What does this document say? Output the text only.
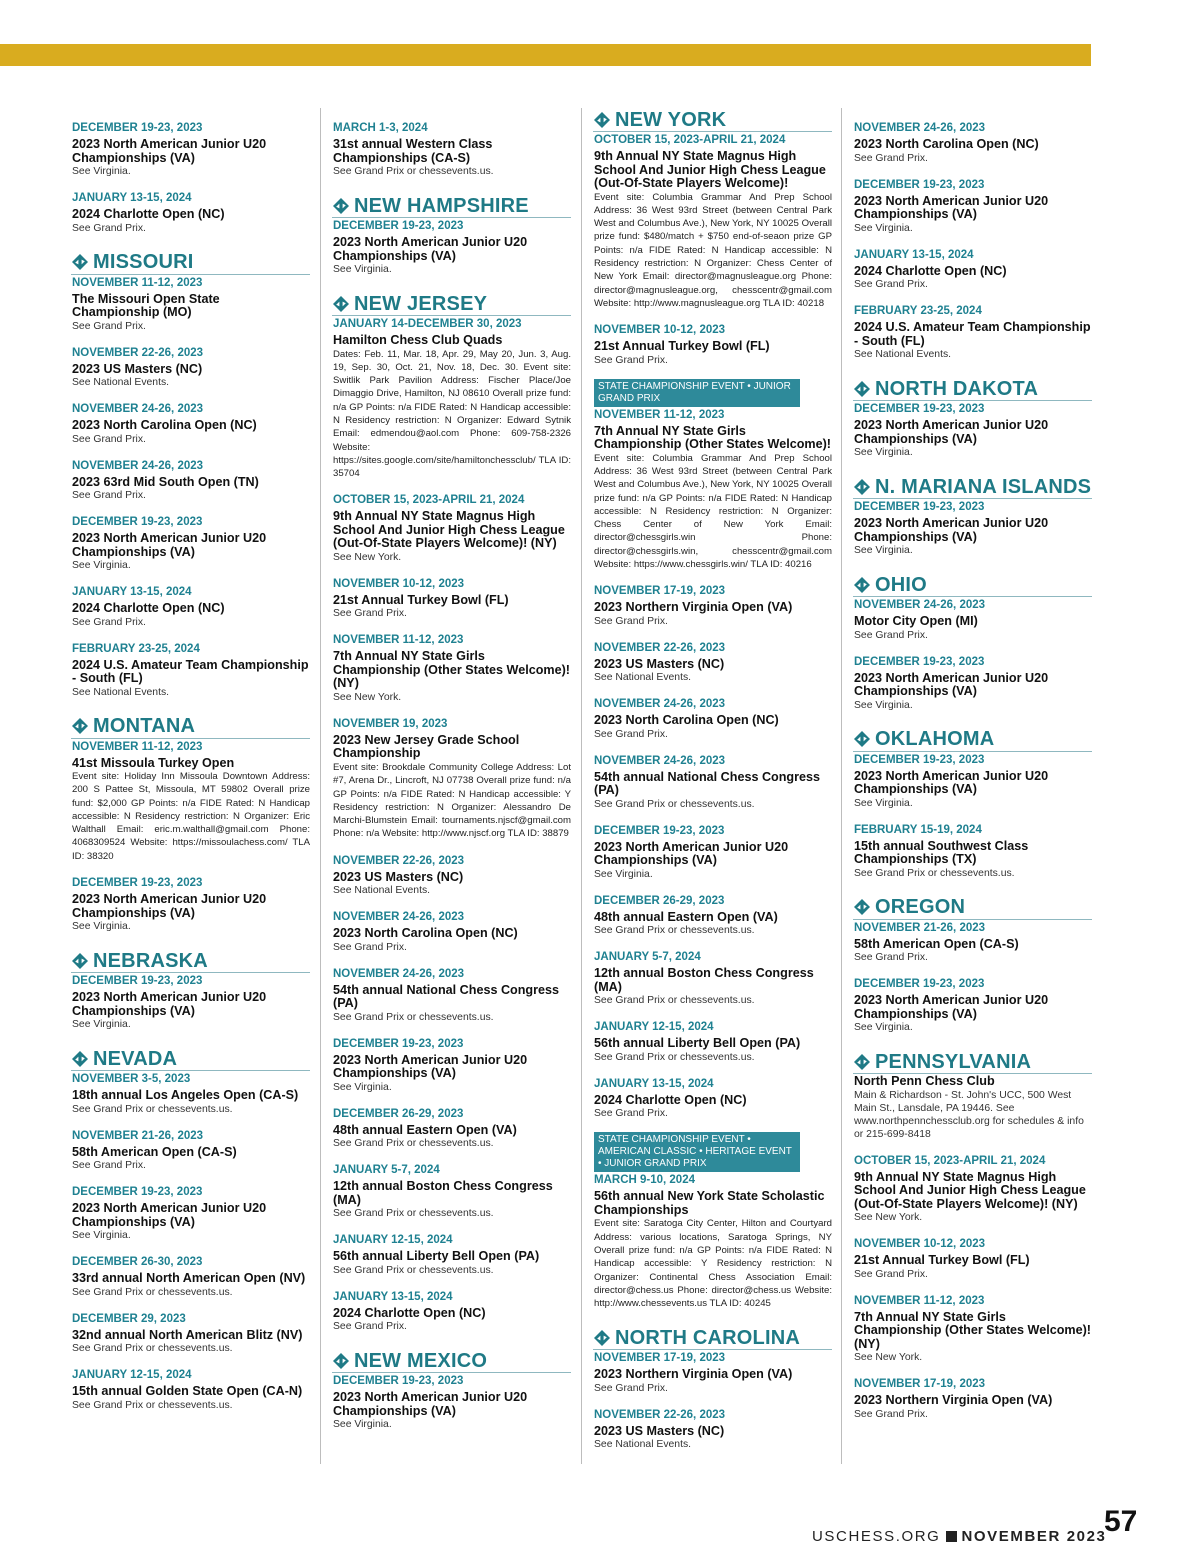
DECEMBER 19-23, 2023
2023 North American Junior U20 Championships (VA)
See Virginia.
JANUARY 13-15, 2024
2024 Charlotte Open (NC)
See Grand Prix.
MISSOURI
NOVEMBER 11-12, 2023
The Missouri Open State Championship (MO)
See Grand Prix.
NOVEMBER 22-26, 2023
2023 US Masters (NC)
See National Events.
NOVEMBER 24-26, 2023
2023 North Carolina Open (NC)
See Grand Prix.
NOVEMBER 24-26, 2023
2023 63rd Mid South Open (TN)
See Grand Prix.
DECEMBER 19-23, 2023
2023 North American Junior U20 Championships (VA)
See Virginia.
JANUARY 13-15, 2024
2024 Charlotte Open (NC)
See Grand Prix.
FEBRUARY 23-25, 2024
2024 U.S. Amateur Team Championship - South (FL)
See National Events.
MONTANA
NOVEMBER 11-12, 2023
41st Missoula Turkey Open
Event site: Holiday Inn Missoula Downtown Address: 200 S Pattee St, Missoula, MT 59802 Overall prize fund: $2,000 GP Points: n/a FIDE Rated: N Handicap accessible: N Residency restriction: N Organizer: Eric Walthall Email: eric.m.walthall@gmail.com Phone: 4068309524 Website: https://missoulachess.com/ TLA ID: 38320
DECEMBER 19-23, 2023
2023 North American Junior U20 Championships (VA)
See Virginia.
NEBRASKA
DECEMBER 19-23, 2023
2023 North American Junior U20 Championships (VA)
See Virginia.
NEVADA
NOVEMBER 3-5, 2023
18th annual Los Angeles Open (CA-S)
See Grand Prix or chessevents.us.
NOVEMBER 21-26, 2023
58th American Open (CA-S)
See Grand Prix.
DECEMBER 19-23, 2023
2023 North American Junior U20 Championships (VA)
See Virginia.
DECEMBER 26-30, 2023
33rd annual North American Open (NV)
See Grand Prix or chessevents.us.
DECEMBER 29, 2023
32nd annual North American Blitz (NV)
See Grand Prix or chessevents.us.
JANUARY 12-15, 2024
15th annual Golden State Open (CA-N)
See Grand Prix or chessevents.us.
MARCH 1-3, 2024
31st annual Western Class Championships (CA-S)
See Grand Prix or chessevents.us.
NEW HAMPSHIRE
DECEMBER 19-23, 2023
2023 North American Junior U20 Championships (VA)
See Virginia.
NEW JERSEY
JANUARY 14-DECEMBER 30, 2023
Hamilton Chess Club Quads
Dates: Feb. 11, Mar. 18, Apr. 29, May 20, Jun. 3, Aug. 19, Sep. 30, Oct. 21, Nov. 18, Dec. 30. Event site: Switlik Park Pavilion Address: Fischer Place/Joe Dimaggio Drive, Hamilton, NJ 08610 Overall prize fund: n/a GP Points: n/a FIDE Rated: N Handicap accessible: N Residency restriction: N Organizer: Edward Sytnik Email: edmendou@aol.com Phone: 609-758-2326 Website: https://sites.google.com/site/hamiltonchessclub/ TLA ID: 35704
OCTOBER 15, 2023-APRIL 21, 2024
9th Annual NY State Magnus High School And Junior High Chess League (Out-Of-State Players Welcome)! (NY)
See New York.
NOVEMBER 10-12, 2023
21st Annual Turkey Bowl (FL)
See Grand Prix.
NOVEMBER 11-12, 2023
7th Annual NY State Girls Championship (Other States Welcome)! (NY)
See New York.
NOVEMBER 19, 2023
2023 New Jersey Grade School Championship
Event site: Brookdale Community College Address: Lot #7, Arena Dr., Lincroft, NJ 07738 Overall prize fund: n/a GP Points: n/a FIDE Rated: N Handicap accessible: Y Residency restriction: N Organizer: Alessandro De Marchi-Blumstein Email: tournaments.njscf@gmail.com Phone: n/a Website: http://www.njscf.org TLA ID: 38879
NOVEMBER 22-26, 2023
2023 US Masters (NC)
See National Events.
NOVEMBER 24-26, 2023
2023 North Carolina Open (NC)
See Grand Prix.
NOVEMBER 24-26, 2023
54th annual National Chess Congress (PA)
See Grand Prix or chessevents.us.
DECEMBER 19-23, 2023
2023 North American Junior U20 Championships (VA)
See Virginia.
DECEMBER 26-29, 2023
48th annual Eastern Open (VA)
See Grand Prix or chessevents.us.
JANUARY 5-7, 2024
12th annual Boston Chess Congress (MA)
See Grand Prix or chessevents.us.
JANUARY 12-15, 2024
56th annual Liberty Bell Open (PA)
See Grand Prix or chessevents.us.
JANUARY 13-15, 2024
2024 Charlotte Open (NC)
See Grand Prix.
NEW MEXICO
DECEMBER 19-23, 2023
2023 North American Junior U20 Championships (VA)
See Virginia.
NEW YORK
OCTOBER 15, 2023-APRIL 21, 2024
9th Annual NY State Magnus High School And Junior High Chess League (Out-Of-State Players Welcome)!
Event site: Columbia Grammar And Prep School Address: 36 West 93rd Street (between Central Park West and Columbus Ave.), New York, NY 10025 Overall prize fund: $480/match + $750 end-of-seaon prize GP Points: n/a FIDE Rated: N Handicap accessible: N Residency restriction: N Organizer: Chess Center of New York Email: director@magnusleague.org Phone: director@magnusleague.org, chesscentr@gmail.com Website: http://www.magnusleague.org TLA ID: 40218
NOVEMBER 10-12, 2023
21st Annual Turkey Bowl (FL)
See Grand Prix.
STATE CHAMPIONSHIP EVENT • JUNIOR GRAND PRIX
NOVEMBER 11-12, 2023
7th Annual NY State Girls Championship (Other States Welcome)!
Event site: Columbia Grammar And Prep School Address: 36 West 93rd Street (between Central Park West and Columbus Ave.), New York, NY 10025 Overall prize fund: n/a GP Points: n/a FIDE Rated: N Handicap accessible: N Residency restriction: N Organizer: Chess Center of New York Email: director@chessgirls.win Phone: director@chessgirls.win, chesscentr@gmail.com Website: https://www.chessgirls.win/ TLA ID: 40216
NOVEMBER 17-19, 2023
2023 Northern Virginia Open (VA)
See Grand Prix.
NOVEMBER 22-26, 2023
2023 US Masters (NC)
See National Events.
NOVEMBER 24-26, 2023
2023 North Carolina Open (NC)
See Grand Prix.
NOVEMBER 24-26, 2023
54th annual National Chess Congress (PA)
See Grand Prix or chessevents.us.
DECEMBER 19-23, 2023
2023 North American Junior U20 Championships (VA)
See Virginia.
DECEMBER 26-29, 2023
48th annual Eastern Open (VA)
See Grand Prix or chessevents.us.
JANUARY 5-7, 2024
12th annual Boston Chess Congress (MA)
See Grand Prix or chessevents.us.
JANUARY 12-15, 2024
56th annual Liberty Bell Open (PA)
See Grand Prix or chessevents.us.
JANUARY 13-15, 2024
2024 Charlotte Open (NC)
See Grand Prix.
STATE CHAMPIONSHIP EVENT • AMERICAN CLASSIC • HERITAGE EVENT • JUNIOR GRAND PRIX
MARCH 9-10, 2024
56th annual New York State Scholastic Championships
Event site: Saratoga City Center, Hilton and Courtyard Address: various locations, Saratoga Springs, NY Overall prize fund: n/a GP Points: n/a FIDE Rated: N Handicap accessible: Y Residency restriction: N Organizer: Continental Chess Association Email: director@chess.us Phone: director@chess.us Website: http://www.chessevents.us TLA ID: 40245
NORTH CAROLINA
NOVEMBER 17-19, 2023
2023 Northern Virginia Open (VA)
See Grand Prix.
NOVEMBER 22-26, 2023
2023 US Masters (NC)
See National Events.
NOVEMBER 24-26, 2023
2023 North Carolina Open (NC)
See Grand Prix.
DECEMBER 19-23, 2023
2023 North American Junior U20 Championships (VA)
See Virginia.
JANUARY 13-15, 2024
2024 Charlotte Open (NC)
See Grand Prix.
FEBRUARY 23-25, 2024
2024 U.S. Amateur Team Championship - South (FL)
See National Events.
NORTH DAKOTA
DECEMBER 19-23, 2023
2023 North American Junior U20 Championships (VA)
See Virginia.
N. MARIANA ISLANDS
DECEMBER 19-23, 2023
2023 North American Junior U20 Championships (VA)
See Virginia.
OHIO
NOVEMBER 24-26, 2023
Motor City Open (MI)
See Grand Prix.
DECEMBER 19-23, 2023
2023 North American Junior U20 Championships (VA)
See Virginia.
OKLAHOMA
DECEMBER 19-23, 2023
2023 North American Junior U20 Championships (VA)
See Virginia.
FEBRUARY 15-19, 2024
15th annual Southwest Class Championships (TX)
See Grand Prix or chessevents.us.
OREGON
NOVEMBER 21-26, 2023
58th American Open (CA-S)
See Grand Prix.
DECEMBER 19-23, 2023
2023 North American Junior U20 Championships (VA)
See Virginia.
PENNSYLVANIA
North Penn Chess Club
Main & Richardson - St. John's UCC, 500 West Main St., Lansdale, PA 19446. See www.northpennchessclub.org for schedules & info or 215-699-8418
OCTOBER 15, 2023-APRIL 21, 2024
9th Annual NY State Magnus High School And Junior High Chess League (Out-Of-State Players Welcome)! (NY)
See New York.
NOVEMBER 10-12, 2023
21st Annual Turkey Bowl (FL)
See Grand Prix.
NOVEMBER 11-12, 2023
7th Annual NY State Girls Championship (Other States Welcome)! (NY)
See New York.
NOVEMBER 17-19, 2023
2023 Northern Virginia Open (VA)
See Grand Prix.
USCHESS.ORG NOVEMBER 2023
57
